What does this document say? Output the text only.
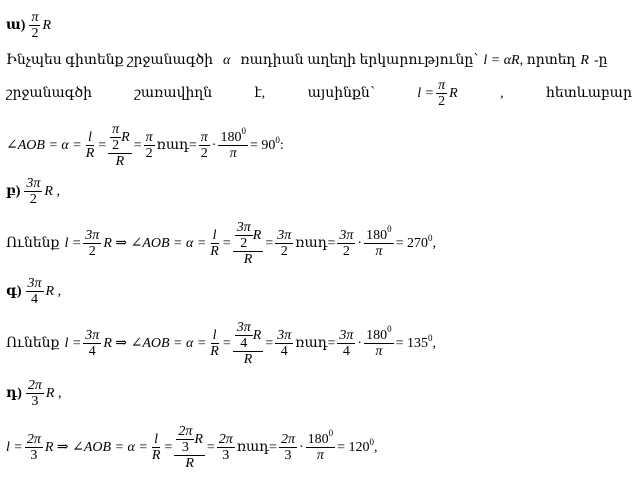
ա) $\frac{\pi}{2}$ R
Ինչպես գիտենք շրջանագծի α ռադիան աղեղի երկարությունը՝ l = αR , որտեղ R -ը
շրջանագծի	շառավիղն	է,	այսինքն՝	$l = \frac{\pi}{2}$ R	,	հետևաբար
∠AOB = $\alpha = \frac{l}{R} = \frac{\frac{\pi}{2} R}{R} = \frac{\pi}{2}$ ռադ = $\frac{\pi}{2} \cdot \frac{180 0}{\pi} = 90$ 0 :
բ) $\frac{3\pi}{2}$ R ,
Ունենք $l = \frac{3\pi}{2}$ R ⇒ ∠AOB = $\alpha = \frac{l}{R} = \frac{\frac{3\pi}{2} R}{R} = \frac{3\pi}{2}$ ռադ = $\frac{3\pi}{2} \cdot \frac{180 0}{\pi} = 270$ 0 ,
գ) $\frac{3\pi}{4}$ R ,
Ունենք $l = \frac{3\pi}{4}$ R ⇒ ∠AOB = $\alpha = \frac{l}{R} = \frac{\frac{3\pi}{4} R}{R} = \frac{3\pi}{4}$ ռադ = $\frac{3\pi}{4} \cdot \frac{180 0}{\pi} = 135$ 0 ,
դ) $\frac{2\pi}{3}$ R ,
$l = \frac{2\pi}{3}$ R ⇒ ∠AOB = $\alpha = \frac{l}{R} = \frac{\frac{2\pi}{3} R}{R} = \frac{2\pi}{3}$ ռադ = $\frac{2\pi}{3} \cdot \frac{180 0}{\pi} = 120$ 0 ,
